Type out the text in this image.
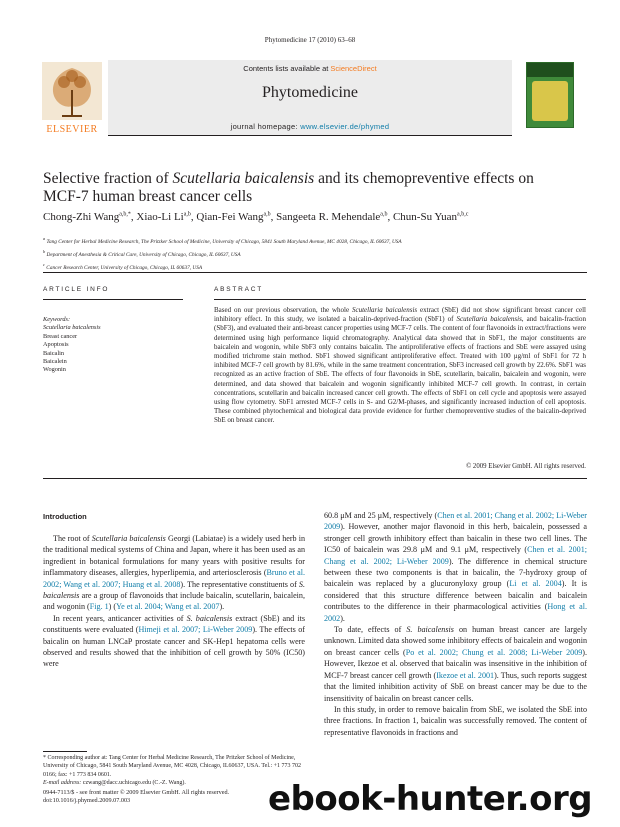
Phytomedicine 17 (2010) 63–68
ELSEVIER
Contents lists available at ScienceDirect
Phytomedicine
journal homepage: www.elsevier.de/phymed
Selective fraction of Scutellaria baicalensis and its chemopreventive effects on
MCF-7 human breast cancer cells
Chong-Zhi Wang$^{a,b,*}$, Xiao-Li Li$^{a,b}$, Qian-Fei Wang$^{a,b}$, Sangeeta R. Mehendale$^{a,b}$, Chun-Su Yuan$^{a,b,c}$
$^a$ Tang Center for Herbal Medicine Research, The Pritzker School of Medicine, University of Chicago, 5841 South Maryland Avenue, MC 4028, Chicago, IL 60637, USA
$^b$ Department of Anesthesia & Critical Care, University of Chicago, Chicago, IL 60637, USA
$^c$ Cancer Research Center, University of Chicago, Chicago, IL 60637, USA
ARTICLE INFO
Keywords:
Scutellaria baicalensis
Breast cancer
Apoptosis
Baicalin
Baicalein
Wogonin
ABSTRACT
Based on our previous observation, the whole Scutellaria baicalensis extract (SbE) did not show significant breast cancer cell inhibitory effect. In this study, we isolated a baicalin-deprived-fraction (SbF1) of Scutellaria baicalensis, and baicalin-fraction (SbF3), and evaluated their anti-breast cancer properties using MCF-7 cells. The content of four flavonoids in extract/fractions were determined using high performance liquid chromatography. Analytical data showed that in SbF1, the major constituents are baicalein and wogonin, while SbF3 only contains baicalin. The antiproliferative effects of fractions and SbE were assayed using modified trichrome stain method. SbF1 showed significant antiproliferative effect. Treated with 100 μg/ml of SbF1 for 72 h inhibited MCF-7 cell growth by 81.6%, while in the same treatment concentration, SbF3 increased cell growth by 22.6%. SbF1 was recognized as an active fraction of SbE. The effects of four flavonoids in SbE, scutellarin, baicalin, baicalein and wogonin, were determined, and data showed that baicalein and wogonin significantly inhibited MCF-7 cell growth. In contrast, in certain concentrations, scutellarin and baicalin increased cancer cell growth. The effects of SbF1 on cell cycle and apoptosis were assayed using flow cytometry. SbF1 arrested MCF-7 cells in S- and G2/M-phases, and significantly increased induction of cell apoptosis. These combined phytochemical and biological data provide evidence for further chemopreventive studies of the baicalin-deprived SbE on breast cancer.
© 2009 Elsevier GmbH. All rights reserved.
Introduction

The root of Scutellaria baicalensis Georgi (Labiatae) is a widely used herb in the traditional medical systems of China and Japan, where it has been used as an ingredient in botanical formulations for many years with positive results for inflammatory diseases, allergies, hyperlipemia, and arteriosclerosis (Bruno et al. 2002; Wang et al. 2007; Huang et al. 2008). The representative constituents of S. baicalensis are a group of flavonoids that include baicalin, scutellarin, baicalein, and wogonin (Fig. 1) (Ye et al. 2004; Wang et al. 2007).

In recent years, anticancer activities of S. baicalensis extract (SbE) and its constituents were evaluated (Himeji et al. 2007; Li-Weber 2009). The effects of baicalin on human LNCaP prostate cancer and SK-Hep1 hepatoma cells were observed and results showed that the inhibition of cell growth by 50% (IC50) were

60.8 μM and 25 μM, respectively (Chen et al. 2001; Chang et al. 2002; Li-Weber 2009). However, another major flavonoid in this herb, baicalein, possessed a stronger cell growth inhibitory effect than baicalin in these two cell lines. The IC50 of baicalein was 29.8 μM and 9.1 μM, respectively (Chen et al. 2001; Chang et al. 2002; Li-Weber 2009). The difference in chemical structure between these two components is that in baicalin, the 7-hydroxy group of baicalein was replaced by a glucuronyloxy group (Li et al. 2004). It is considered that this structure difference between baicalin and baicalein contributes to the difference in their pharmacological activities (Hong et al. 2002).

To date, effects of S. baicalensis on human breast cancer are largely unknown. Limited data showed some inhibitory effects of baicalein and wogonin on breast cancer cells (Po et al. 2002; Chung et al. 2008; Li-Weber 2009). However, Ikezoe et al. observed that baicalin was insensitive in the inhibition of MCF-7 breast cancer cell growth (Ikezoe et al. 2001). Thus, such reports suggest that the limited inhibition activity of SbE on breast cancer may be due to the insensitivity of baicalin on breast cancer cells.

In this study, in order to remove baicalin from SbE, we isolated the SbE into three fractions. In fraction 1, baicalin was successfully removed. The content of representative flavonoids in fractions and

* Corresponding author at: Tang Center for Herbal Medicine Research, The Pritzker School of Medicine, University of Chicago, 5841 South Maryland Avenue, MC 4028, Chicago, IL60637, USA. Tel.: +1 773 702 0166; fax: +1 773 834 0601.
E-mail address: czwang@dacc.uchicago.edu (C.-Z. Wang).
0944-7113/$ - see front matter © 2009 Elsevier GmbH. All rights reserved.
doi:10.1016/j.phymed.2009.07.003	ebook-hunter.org
